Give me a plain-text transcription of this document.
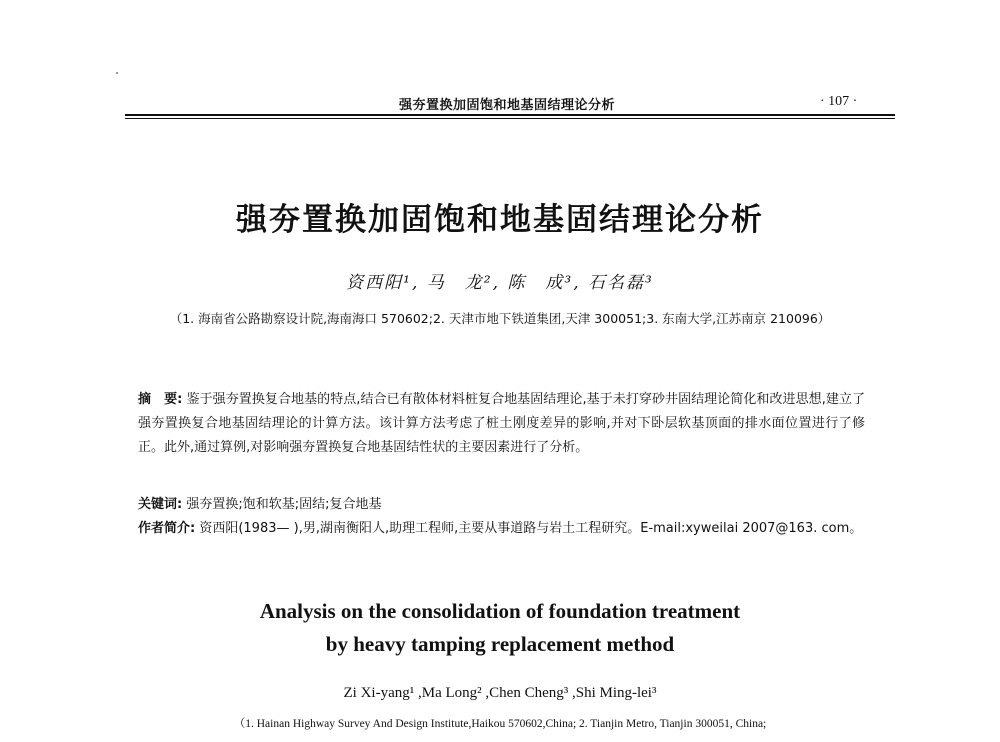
强夯置换加固饱和地基固结理论分析	· 107 ·
强夯置换加固饱和地基固结理论分析
资西阳¹, 马　龙², 陈　成³, 石名磊³
（1. 海南省公路勘察设计院,海南海口 570602;2. 天津市地下铁道集团,天津 300051;3. 东南大学,江苏南京 210096）
摘　要: 鉴于强夯置换复合地基的特点,结合已有散体材料桩复合地基固结理论,基于未打穿砂井固结理论简化和改进思想,建立了强夯置换复合地基固结理论的计算方法。该计算方法考虑了桩土刚度差异的影响,并对下卧层软基顶面的排水面位置进行了修正。此外,通过算例,对影响强夯置换复合地基固结性状的主要因素进行了分析。
关键词: 强夯置换;饱和软基;固结;复合地基
作者简介: 资西阳(1983— ),男,湖南衡阳人,助理工程师,主要从事道路与岩土工程研究。E-mail:xyweilai 2007@163. com。
Analysis on the consolidation of foundation treatment
by heavy tamping replacement method
Zi Xi-yang¹ ,Ma Long² ,Chen Cheng³ ,Shi Ming-lei³
（1. Hainan Highway Survey And Design Institute,Haikou 570602,China; 2. Tianjin Metro, Tianjin 300051, China;
